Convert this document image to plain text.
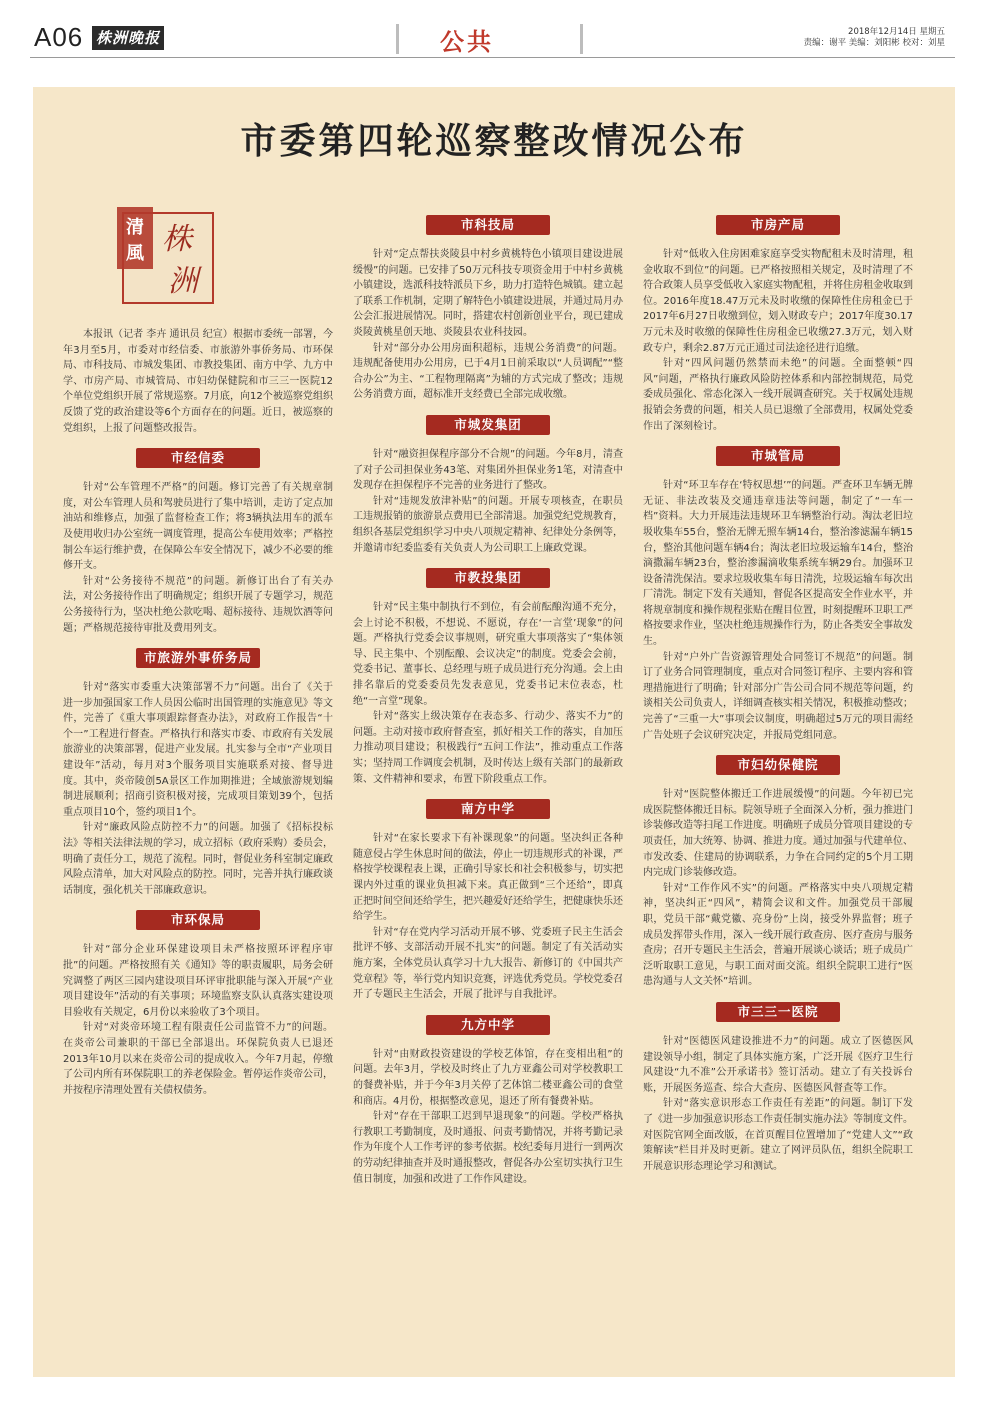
A06 株洲晚报	公共	2018年12月14日 星期五
责编：谢平 美编：刘阳彬 校对：刘星
市委第四轮巡察整改情况公布
清
風 株
洲

本报讯（记者 李卉 通讯员 纪宣）根据市委统一部署，今年3月至5月，市委对市经信委、市旅游外事侨务局、市环保局、市科技局、市城发集团、市教投集团、南方中学、九方中学、市房产局、市城管局、市妇幼保健院和市三三一医院12个单位党组织开展了常规巡察。7月底，向12个被巡察党组织反馈了党的政治建设等6个方面存在的问题。近日，被巡察的党组织，上报了问题整改报告。

市经信委

针对“公车管理不严格”的问题。修订完善了有关规章制度，对公车管理人员和驾驶员进行了集中培训，走访了定点加油站和维修点，加强了监督检查工作；将3辆执法用车的派车及使用收归办公室统一调度管理，提高公车使用效率；严格控制公车运行维护费，在保障公车安全情况下，减少不必要的维修开支。

针对“公务接待不规范”的问题。新修订出台了有关办法，对公务接待作出了明确规定；组织开展了专题学习，规范公务接待行为，坚决杜绝公款吃喝、超标接待、违规饮酒等问题；严格规范接待审批及费用列支。

市旅游外事侨务局

针对“落实市委重大决策部署不力”问题。出台了《关于进一步加强国家工作人员因公临时出国管理的实施意见》等文件，完善了《重大事项跟踪督查办法》，对政府工作报告“十个一”工程进行督查。严格执行和落实市委、市政府有关发展旅游业的决策部署，促进产业发展。扎实参与全市“产业项目建设年”活动，每月对3个服务项目实施联系对接、督导进度。其中，炎帝陵创5A景区工作加期推进；全域旅游规划编制进展顺利；招商引资积极对接，完成项目策划39个，包括重点项目10个，签约项目1个。

针对“廉政风险点防控不力”的问题。加强了《招标投标法》等相关法律法规的学习，成立招标（政府采购）委员会，明确了责任分工，规范了流程。同时，督促业务科室制定廉政风险点清单，加大对风险点的防控。同时，完善并执行廉政谈话制度，强化机关干部廉政意识。

市环保局

针对“部分企业环保建设项目未严格按照环评程序审批”的问题。严格按照有关《通知》等的职责履职，局务会研究调整了两区三园内建设项目环评审批职能与深入开展“产业项目建设年”活动的有关事项；环境监察支队认真落实建设项目验收有关规定，6月份以来验收了3个项目。

针对“对炎帝环境工程有限责任公司监管不力”的问题。在炎帝公司兼职的干部已全部退出。环保院负责人已退还2013年10月以来在炎帝公司的提成收入。今年7月起，停缴了公司内所有环保院职工的养老保险金。暂停运作炎帝公司，并按程序清理处置有关债权债务。

市科技局

针对“定点帮扶炎陵县中村乡黄桃特色小镇项目建设进展缓慢”的问题。已安排了50万元科技专项资金用于中村乡黄桃小镇建设，选派科技特派员下乡，助力打造特色城镇。建立起了联系工作机制，定期了解特色小镇建设进展，并通过局月办公会汇报进展情况。同时，搭建农村创新创业平台，现已建成炎陵黄桃星创天地、炎陵县农业科技园。

针对“部分办公用房面积超标，违规公务消费”的问题。违规配备使用办公用房，已于4月1日前采取以“人员调配”“整合办公”为主、“工程物理隔离”为辅的方式完成了整改；违规公务消费方面，超标准开支经费已全部完成收缴。

市城发集团

针对“融资担保程序部分不合规”的问题。今年8月，清查了对子公司担保业务43笔、对集团外担保业务1笔，对清查中发现存在担保程序不完善的业务进行了整改。

针对“违规发放津补贴”的问题。开展专项核查，在职员工违规报销的旅游景点费用已全部清退。加强党纪党规教育，组织各基层党组织学习中央八项规定精神、纪律处分条例等，并邀请市纪委监委有关负责人为公司职工上廉政党课。

市教投集团

针对“民主集中制执行不到位，有会前酝酿沟通不充分，会上讨论不积极，不想说、不愿说，存在‘一言堂’现象”的问题。严格执行党委会议事规则，研究重大事项落实了“集体领导、民主集中、个别酝酿、会议决定”的制度。党委会会前，党委书记、董事长、总经理与班子成员进行充分沟通。会上由排名靠后的党委委员先发表意见，党委书记末位表态，杜绝“一言堂”现象。

针对“落实上级决策存在表态多、行动少、落实不力”的问题。主动对接市政府督查室，抓好相关工作的落实，自加压力推动项目建设；积极践行“五问工作法”，推动重点工作落实；坚持周工作调度会机制，及时传达上级有关部门的最新政策、文件精神和要求，布置下阶段重点工作。

南方中学

针对“在家长要求下有补课现象”的问题。坚决纠正各种随意侵占学生休息时间的做法，停止一切违规形式的补课，严格按学校课程表上课，正确引导家长和社会积极参与，切实把课内外过重的课业负担减下来。真正做到“三个还给”，即真正把时间空间还给学生，把兴趣爱好还给学生，把健康快乐还给学生。

针对“存在党内学习活动开展不够、党委班子民主生活会批评不够、支部活动开展不扎实”的问题。制定了有关活动实施方案，全体党员认真学习十九大报告、新修订的《中国共产党章程》等，举行党内知识竞赛，评选优秀党员。学校党委召开了专题民主生活会，开展了批评与自我批评。

九方中学

针对“由财政投资建设的学校艺体馆，存在变相出租”的问题。去年3月，学校及时终止了九方亚鑫公司对学校教职工的餐费补贴，并于今年3月关停了艺体馆二楼亚鑫公司的食堂和商店。4月份，根据整改意见，退还了所有餐费补贴。

针对“存在干部职工迟到早退现象”的问题。学校严格执行教职工考勤制度，及时通报、问责考勤情况，并将考勤记录作为年度个人工作考评的参考依据。校纪委每月进行一到两次的劳动纪律抽查并及时通报整改，督促各办公室切实执行卫生值日制度，加强和改进了工作作风建设。

市房产局

针对“低收入住房困难家庭享受实物配租未及时清理，租金收取不到位”的问题。已严格按照相关规定，及时清理了不符合政策人员享受低收入家庭实物配租，并将住房租金收取到位。2016年度18.47万元未及时收缴的保障性住房租金已于2017年6月27日收缴到位，划入财政专户；2017年度30.17万元未及时收缴的保障性住房租金已收缴27.3万元，划入财政专户，剩余2.87万元正通过司法途径进行追缴。

针对“四风问题仍然禁而未绝”的问题。全面整顿“四风”问题，严格执行廉政风险防控体系和内部控制规范，局党委成员强化、常态化深入一线开展调查研究。关于权属处违规报销会务费的问题，相关人员已退缴了全部费用，权属处党委作出了深刻检讨。

市城管局

针对“环卫车存在‘特权思想’”的问题。严查环卫车辆无牌无证、非法改装及交通违章违法等问题，制定了“一车一档”资料。大力开展违法违规环卫车辆整治行动。淘汰老旧垃圾收集车55台，整治无牌无照车辆14台，整治渗滤漏车辆15台，整治其他问题车辆4台；淘汰老旧垃圾运输车14台，整治滴撒漏车辆23台，整治渗漏滴收集系统车辆29台。加强环卫设备清洗保洁。要求垃圾收集车每日清洗，垃圾运输车每次出厂清洗。制定下发有关通知，督促各区提高安全作业水平，并将规章制度和操作规程张贴在醒目位置，时刻提醒环卫职工严格按要求作业，坚决杜绝违规操作行为，防止各类安全事故发生。

针对“户外广告资源管理处合同签订不规范”的问题。制订了业务合同管理制度，重点对合同签订程序、主要内容和管理措施进行了明确；针对部分广告公司合同不规范等问题，约谈相关公司负责人，详细调查核实相关情况，积极推动整改；完善了“三重一大”事项会议制度，明确超过5万元的项目需经广告处班子会议研究决定，并报局党组同意。

市妇幼保健院

针对“医院整体搬迁工作进展缓慢”的问题。今年初已完成医院整体搬迁目标。院领导班子全面深入分析，强力推进门诊装修改造等扫尾工作进度。明确班子成员分管项目建设的专项责任，加大统筹、协调、推进力度。通过加强与代建单位、市发改委、住建局的协调联系，力争在合同约定的5个月工期内完成门诊装修改造。

针对“工作作风不实”的问题。严格落实中央八项规定精神，坚决纠正“四风”，精简会议和文件。加强党员干部履职，党员干部“戴党徽、亮身份”上岗，接受外界监督；班子成员发挥带头作用，深入一线开展行政查房、医疗查房与服务查房；召开专题民主生活会，普遍开展谈心谈话；班子成员广泛听取职工意见，与职工面对面交流。组织全院职工进行“医患沟通与人文关怀”培训。

市三三一医院

针对“医德医风建设推进不力”的问题。成立了医德医风建设领导小组，制定了具体实施方案，广泛开展《医疗卫生行风建设“九不准”公开承诺书》签订活动。建立了有关投诉台账，开展医务巡查、综合大查房、医德医风督查等工作。

针对“落实意识形态工作责任有差距”的问题。制订下发了《进一步加强意识形态工作责任制实施办法》等制度文件。对医院官网全面改版，在首页醒目位置增加了“党建人文”“政策解读”栏目并及时更新。建立了网评员队伍，组织全院职工开展意识形态理论学习和测试。
